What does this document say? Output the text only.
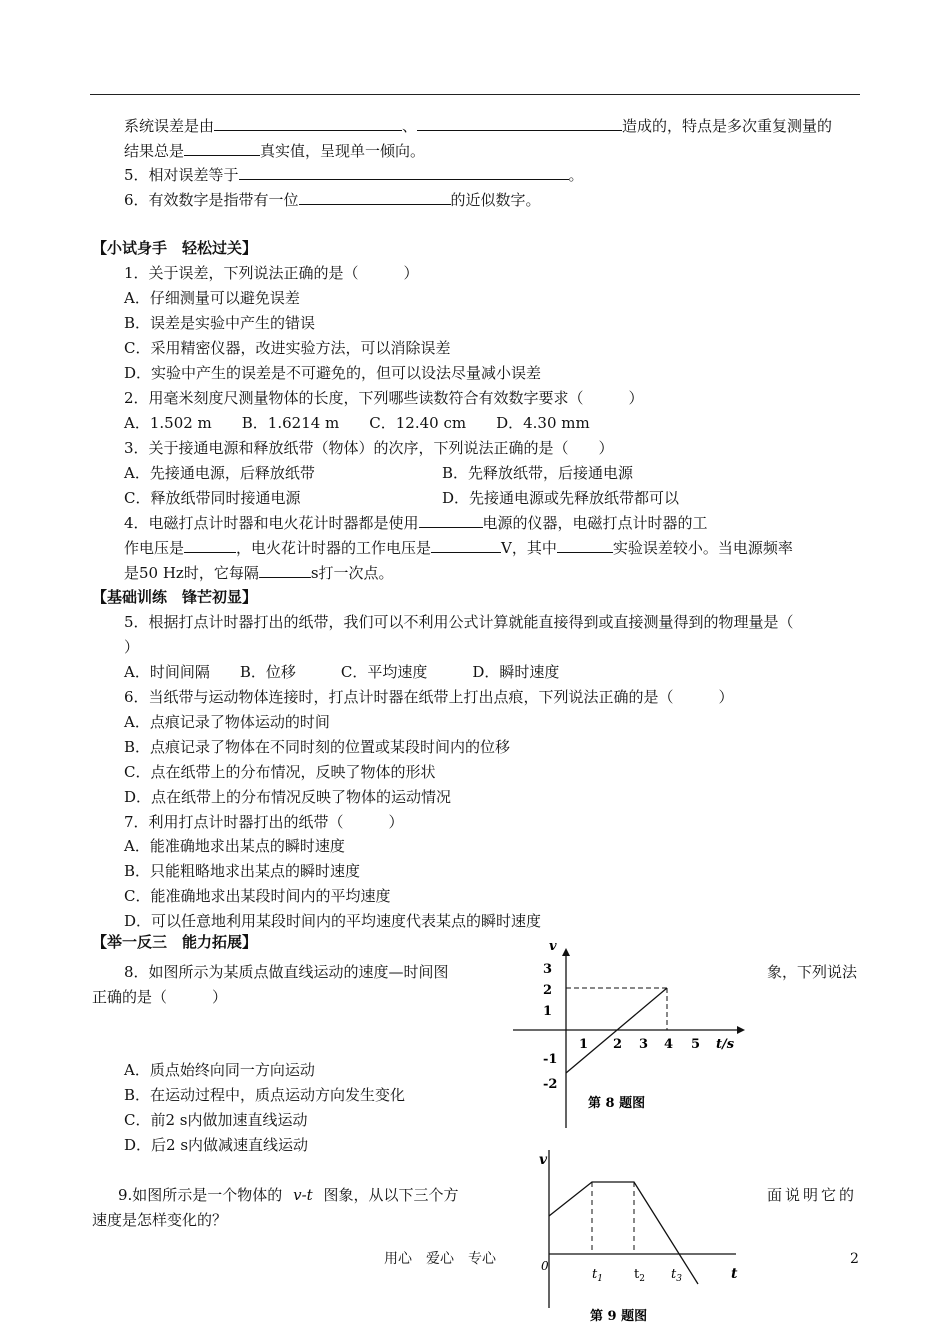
系统误差是由	、	造成的，特点是多次重复测量的
结果总是	真实值，呈现单一倾向。
5．相对误差等于	。
6．有效数字是指带有一位	的近似数字。
【小试身手　轻松过关】
1．关于误差，下列说法正确的是（　　　）
A．仔细测量可以避免误差
B．误差是实验中产生的错误
C．采用精密仪器，改进实验方法，可以消除误差
D．实验中产生的误差是不可避免的，但可以设法尽量减小误差
2．用毫米刻度尺测量物体的长度，下列哪些读数符合有效数字要求（　　　）
A．1.502 m　　B．1.6214 m　　C．12.40 cm　　D．4.30 mm
3．关于接通电源和释放纸带（物体）的次序，下列说法正确的是（　　）
A．先接通电源，后释放纸带	B．先释放纸带，后接通电源
C．释放纸带同时接通电源	D．先接通电源或先释放纸带都可以
4．电磁打点计时器和电火花计时器都是使用	电源的仪器，电磁打点计时器的工
作电压是	，电火花计时器的工作电压是	V，其中	实验误差较小。当电源频率
是50 Hz时，它每隔	s打一次点。
【基础训练　锋芒初显】
5．根据打点计时器打出的纸带，我们可以不利用公式计算就能直接得到或直接测量得到的物理量是（
）
A．时间间隔　　B．位移　　　C．平均速度　　　D．瞬时速度
6．当纸带与运动物体连接时，打点计时器在纸带上打出点痕，下列说法正确的是（　　　）
A．点痕记录了物体运动的时间
B．点痕记录了物体在不同时刻的位置或某段时间内的位移
C．点在纸带上的分布情况，反映了物体的形状
D．点在纸带上的分布情况反映了物体的运动情况
7．利用打点计时器打出的纸带（　　　）
A．能准确地求出某点的瞬时速度
B．只能粗略地求出某点的瞬时速度
C．能准确地求出某段时间内的平均速度
D．可以任意地利用某段时间内的平均速度代表某点的瞬时速度
【举一反三　能力拓展】
8．如图所示为某质点做直线运动的速度—时间图	象，下列说法
正确的是（　　　）
A．质点始终向同一方向运动
B．在运动过程中，质点运动方向发生变化
C．前2 s内做加速直线运动
D．后2 s内做减速直线运动
9.如图所示是一个物体的 v-t 图象，从以下三个方	面说明它的
速度是怎样变化的？
v
3
2
1
-1
-2
1 2 3 4 5 t/s
第 8 题图
v
0
$t_1$ $t_2$ $t_3$	t
第 9 题图
用心　爱心　专心	2
